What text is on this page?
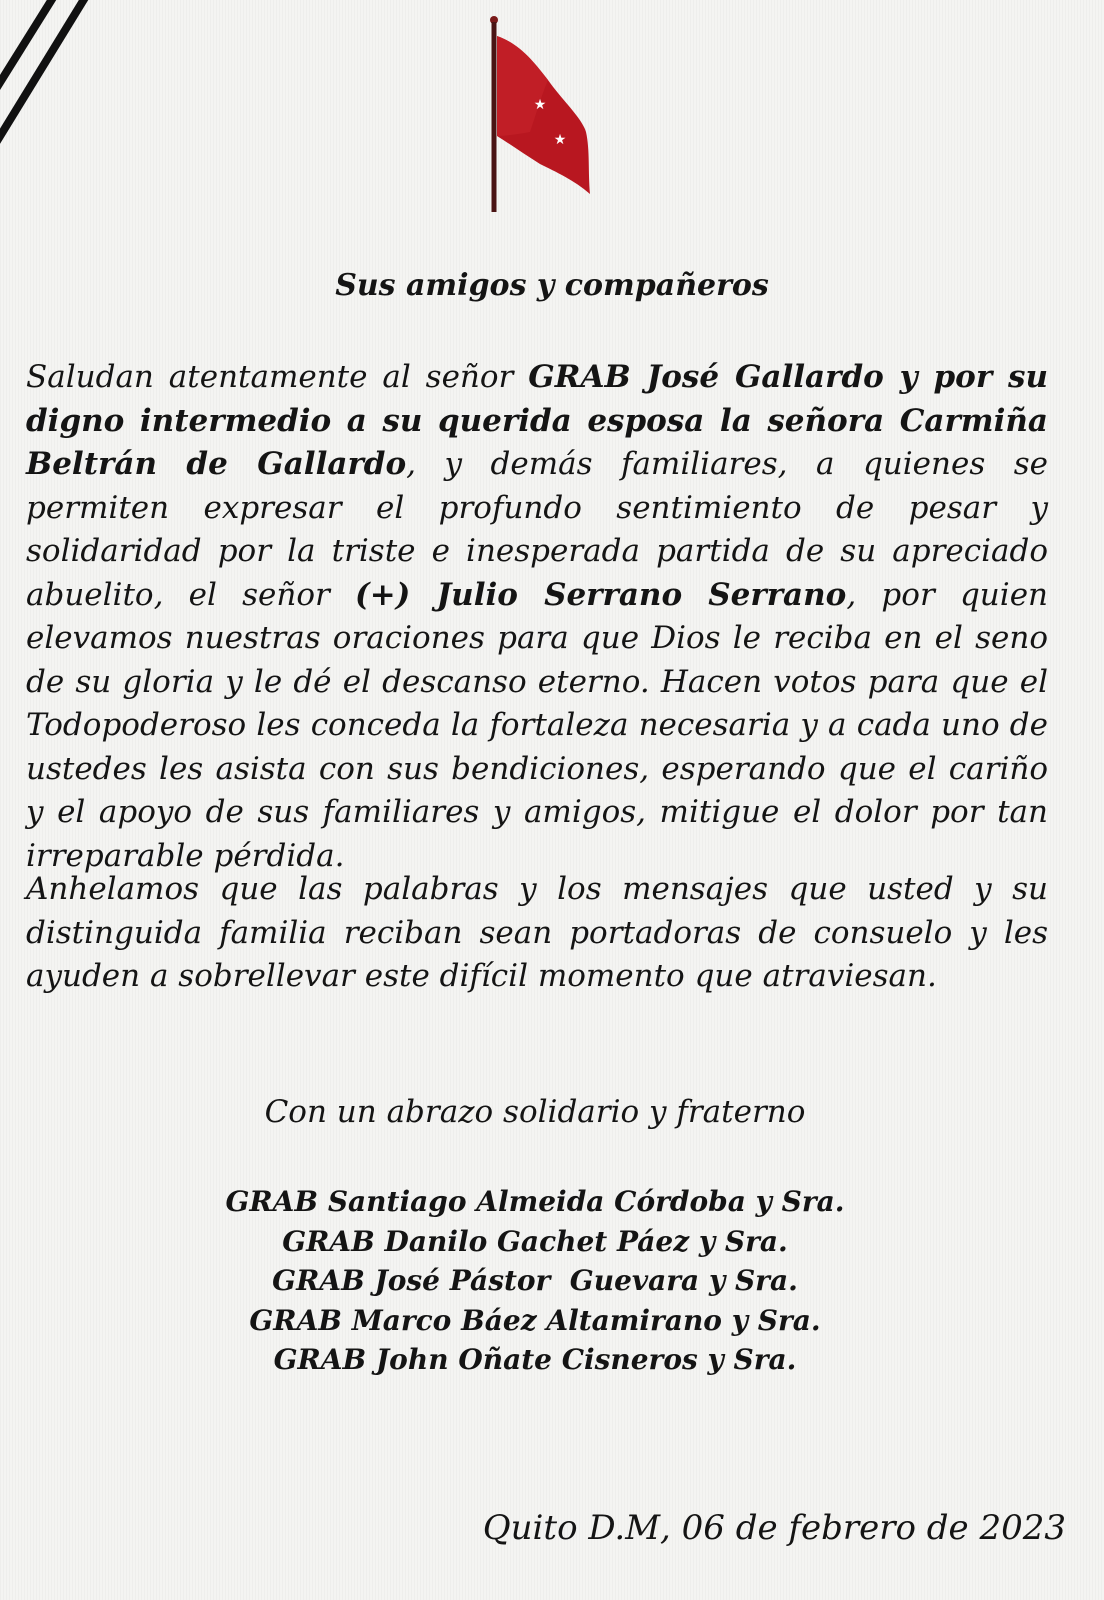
★
★
Sus amigos y compañeros

Saludan atentamente al señor GRAB José Gallardo y por su digno intermedio a su querida esposa la señora Carmiña Beltrán de Gallardo, y demás familiares, a quienes se permiten expresar el profundo sentimiento de pesar y solidaridad por la triste e inesperada partida de su apreciado abuelito, el señor (+) Julio Serrano Serrano, por quien elevamos nuestras oraciones para que Dios le reciba en el seno de su gloria y le dé el descanso eterno. Hacen votos para que el Todopoderoso les conceda la fortaleza necesaria y a cada uno de ustedes les asista con sus bendiciones, esperando que el cariño y el apoyo de sus familiares y amigos, mitigue el dolor por tan irreparable pérdida.

Anhelamos que las palabras y los mensajes que usted y su distinguida familia reciban sean portadoras de consuelo y les ayuden a sobrellevar este difícil momento que atraviesan.

Con un abrazo solidario y fraterno

GRAB Santiago Almeida Córdoba y Sra.
GRAB Danilo Gachet Páez y Sra.
GRAB José Pástor  Guevara y Sra.
GRAB Marco Báez Altamirano y Sra.
GRAB John Oñate Cisneros y Sra.

Quito D.M, 06 de febrero de 2023
